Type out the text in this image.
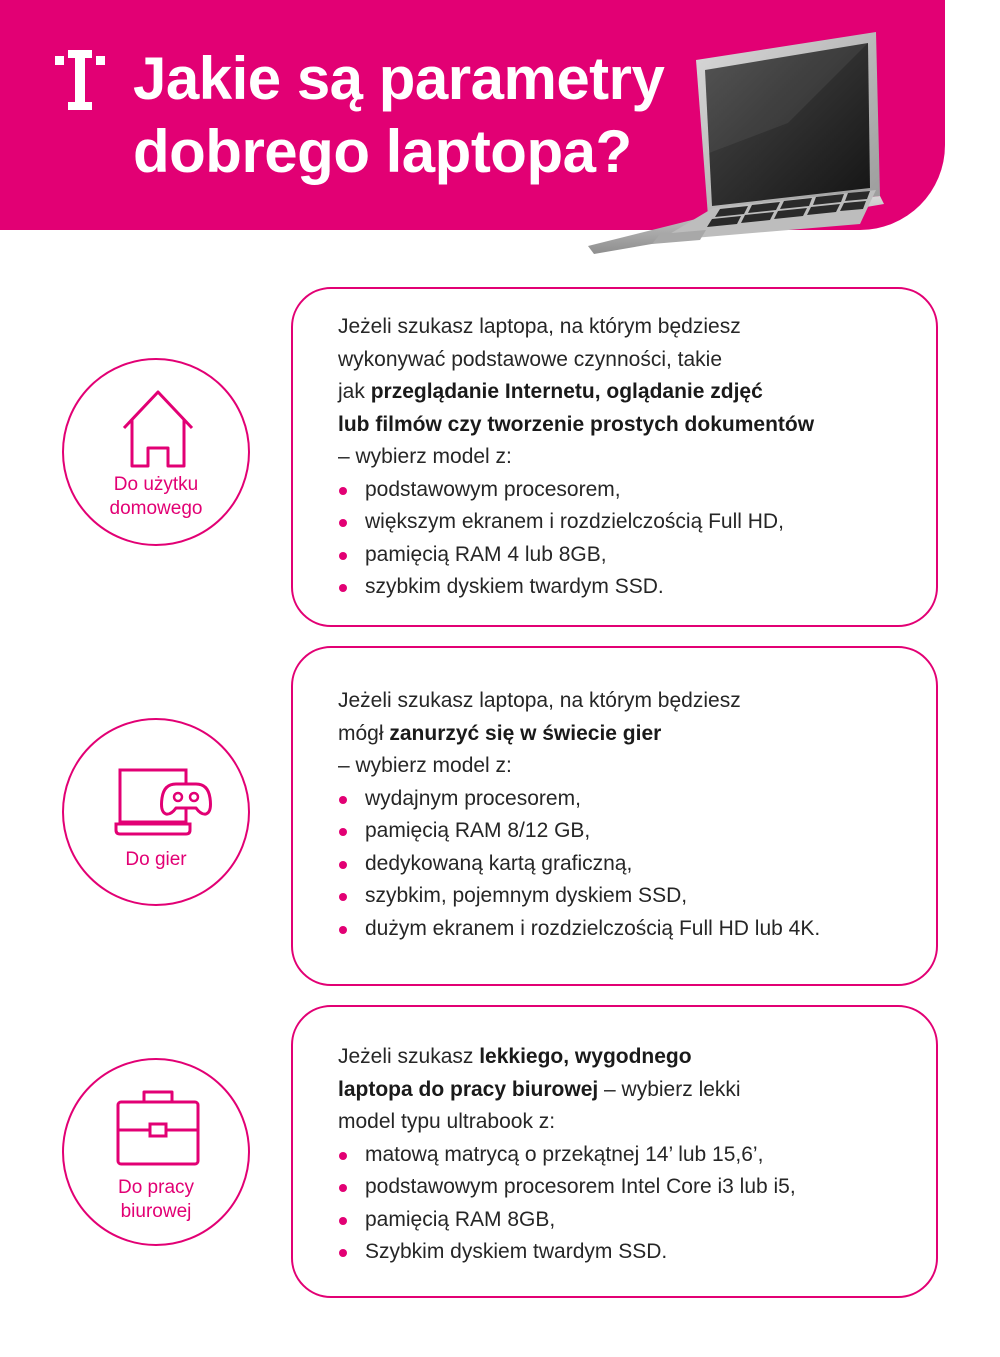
Jakie są parametry
dobrego laptopa?
Do użytku
domowego
Jeżeli szukasz laptopa, na którym będziesz
wykonywać podstawowe czynności, takie
jak przeglądanie Internetu, oglądanie zdjęć
lub filmów czy tworzenie prostych dokumentów
– wybierz model z:
podstawowym procesorem,
większym ekranem i rozdzielczością Full HD,
pamięcią RAM 4 lub 8GB,
szybkim dyskiem twardym SSD.
Do gier
Jeżeli szukasz laptopa, na którym będziesz
mógł zanurzyć się w świecie gier
– wybierz model z:
wydajnym procesorem,
pamięcią RAM 8/12 GB,
dedykowaną kartą graficzną,
szybkim, pojemnym dyskiem SSD,
dużym ekranem i rozdzielczością Full HD lub 4K.
Do pracy
biurowej
Jeżeli szukasz lekkiego, wygodnego
laptopa do pracy biurowej – wybierz lekki
model typu ultrabook z:
matową matrycą o przekątnej 14’ lub 15,6’,
podstawowym procesorem Intel Core i3 lub i5,
pamięcią RAM 8GB,
Szybkim dyskiem twardym SSD.
